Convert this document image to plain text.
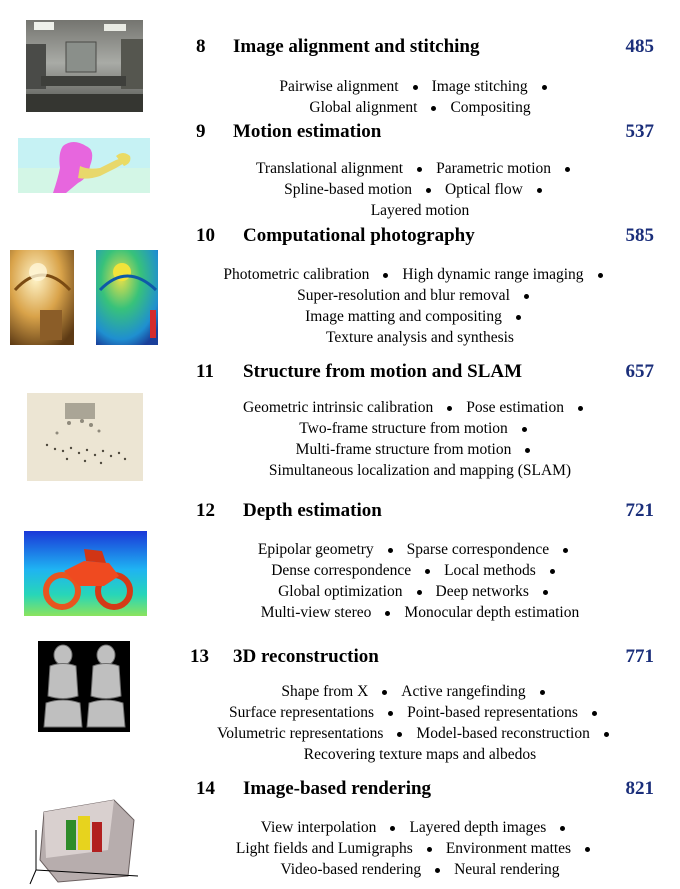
8 Image alignment and stitching	485
Pairwise alignment Image stitching
Global alignment Compositing
9 Motion estimation	537
Translational alignment Parametric motion
Spline-based motion Optical flow
Layered motion
10 Computational photography	585
Photometric calibration High dynamic range imaging
Super-resolution and blur removal
Image matting and compositing
Texture analysis and synthesis
11 Structure from motion and SLAM	657
Geometric intrinsic calibration Pose estimation
Two-frame structure from motion
Multi-frame structure from motion
Simultaneous localization and mapping (SLAM)
12 Depth estimation	721
Epipolar geometry Sparse correspondence
Dense correspondence Local methods
Global optimization Deep networks
Multi-view stereo Monocular depth estimation
13 3D reconstruction	771
Shape from X Active rangefinding
Surface representations Point-based representations
Volumetric representations Model-based reconstruction
Recovering texture maps and albedos
14 Image-based rendering	821
View interpolation Layered depth images
Light fields and Lumigraphs Environment mattes
Video-based rendering Neural rendering
